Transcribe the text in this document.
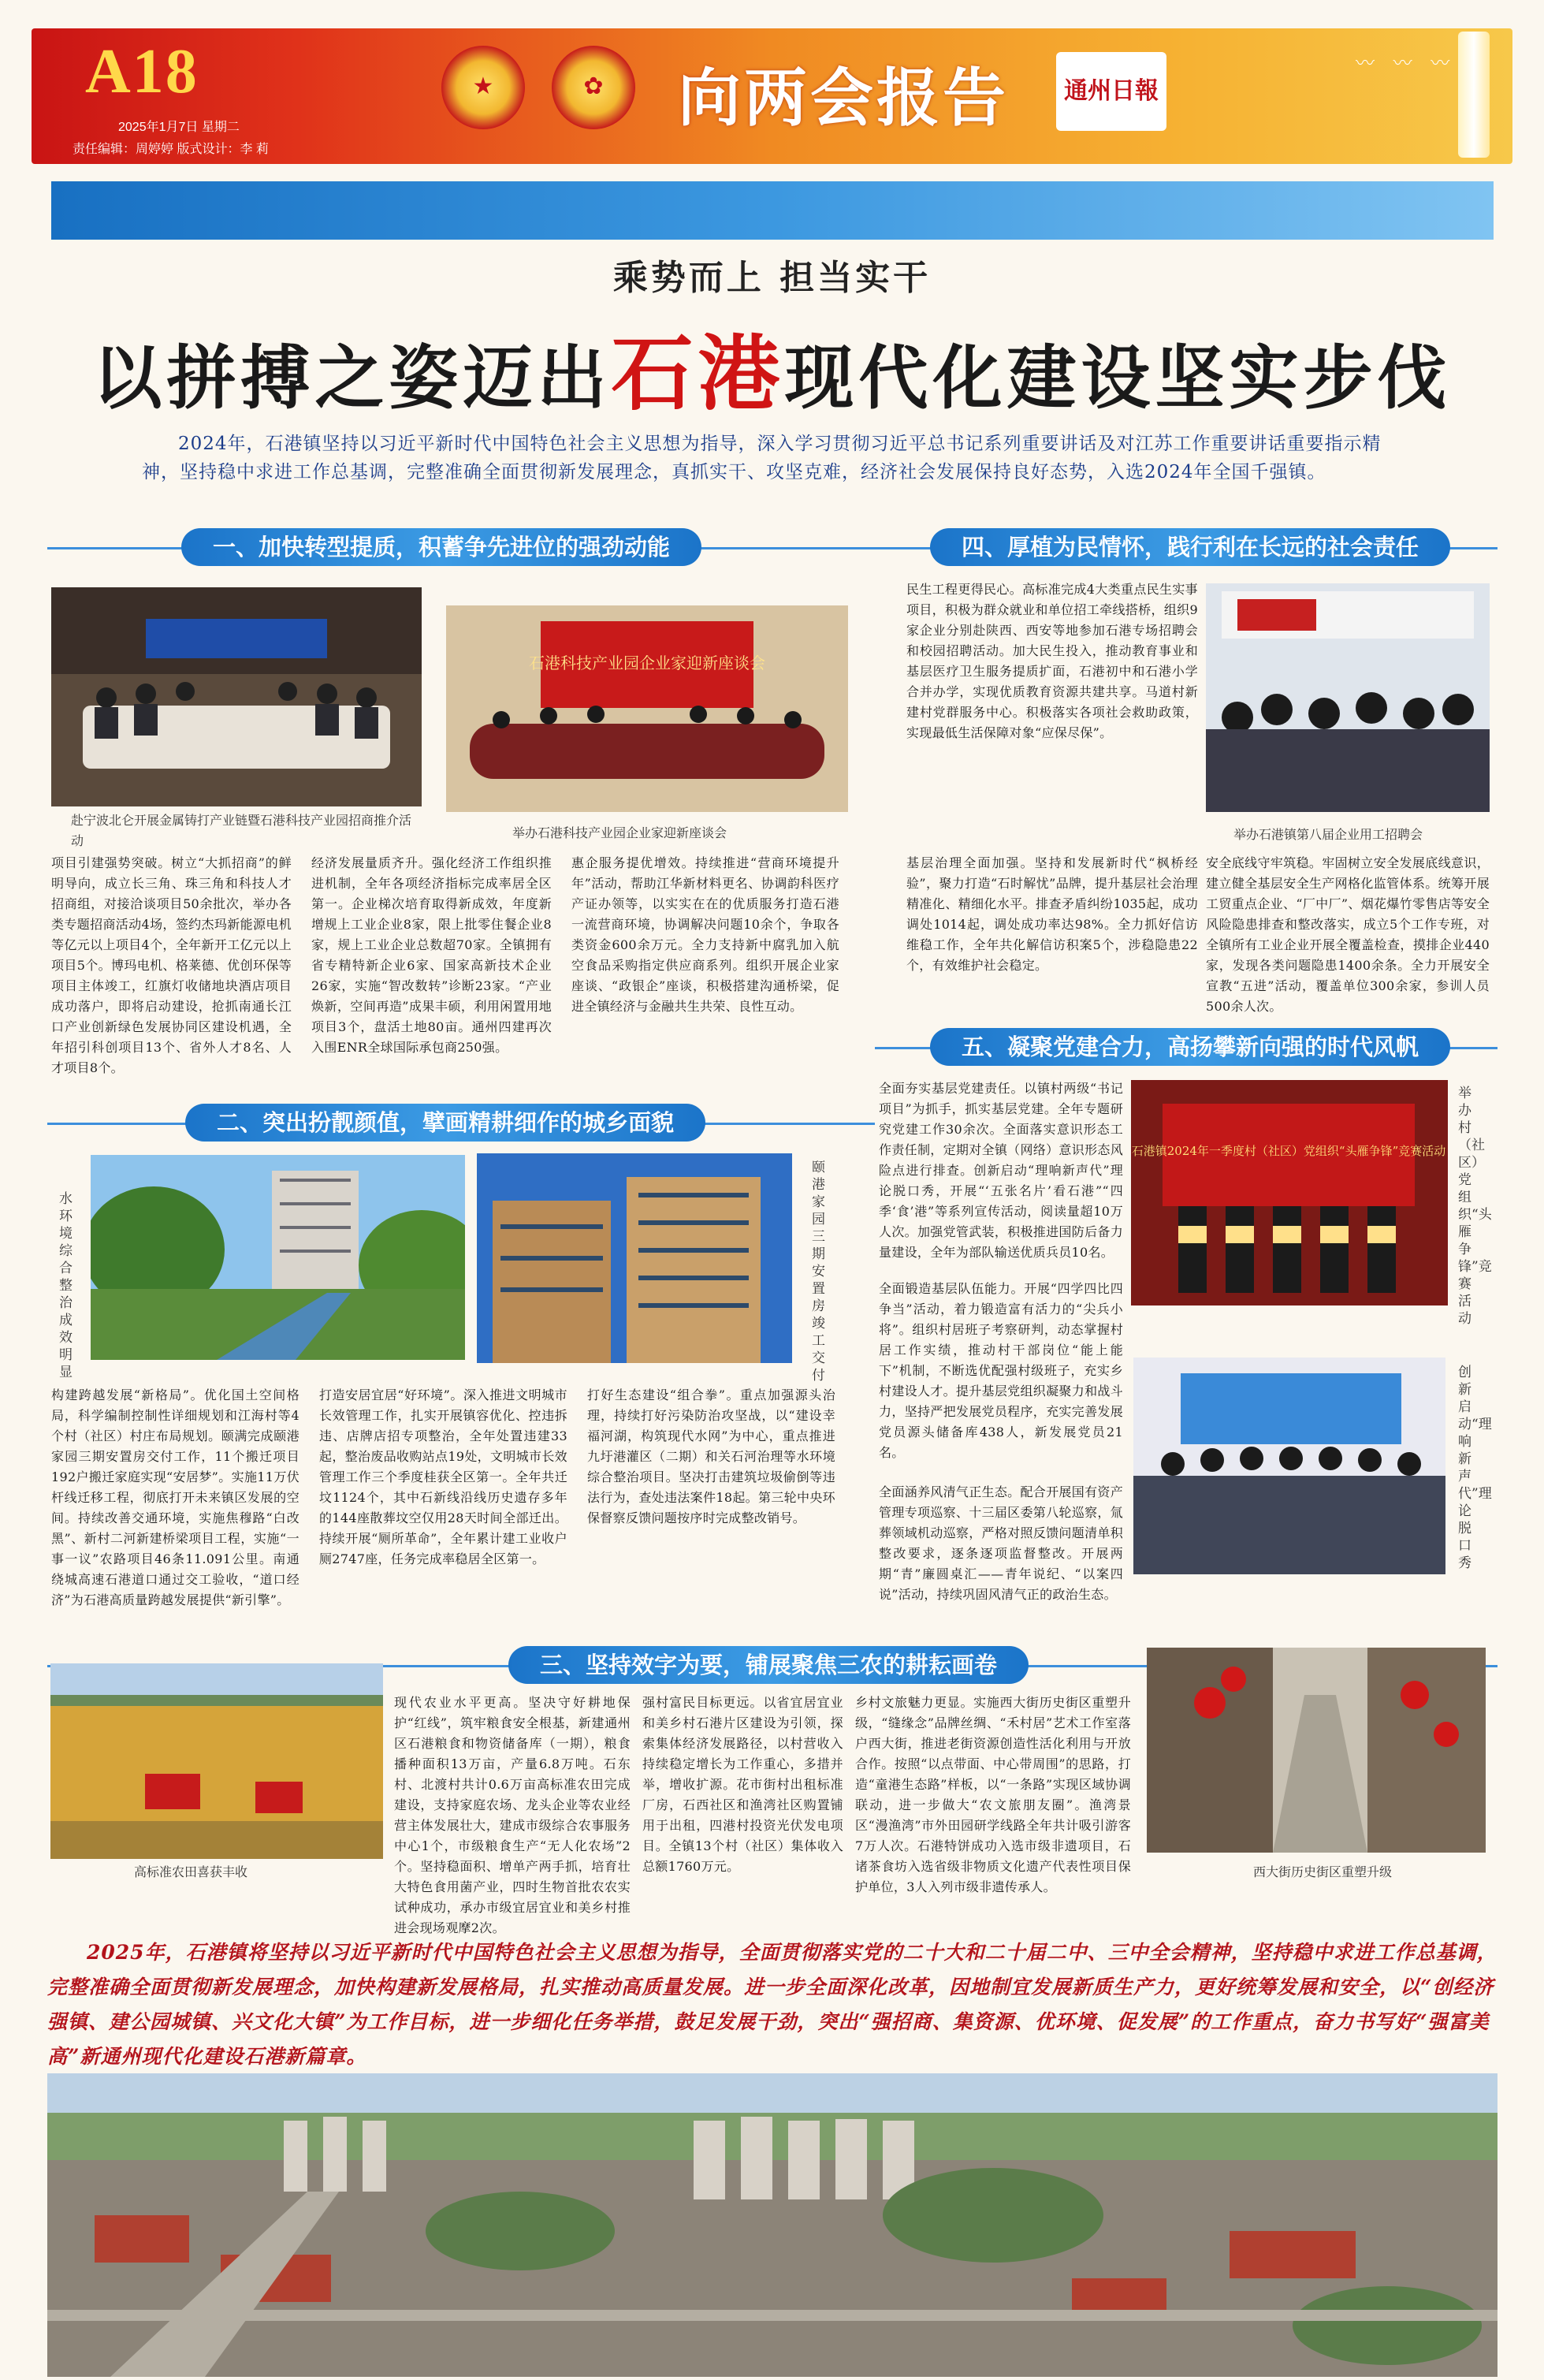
A18
2025年1月7日 星期二
责任编辑：周婷婷 版式设计：李 莉
★	✿	向两会报告	通州日報
〰 〰 〰
乘势而上 担当实干
以拼搏之姿迈出石港现代化建设坚实步伐
2024年，石港镇坚持以习近平新时代中国特色社会主义思想为指导，深入学习贯彻习近平总书记系列重要讲话及对江苏工作重要讲话重要指示精神，坚持稳中求进工作总基调，完整准确全面贯彻新发展理念，真抓实干、攻坚克难，经济社会发展保持良好态势，入选2024年全国千强镇。
一、加快转型提质，积蓄争先进位的强劲动能
赴宁波北仑开展金属铸打产业链暨石港科技产业园招商推介活动
石港科技产业园企业家迎新座谈会
举办石港科技产业园企业家迎新座谈会
项目引建强势突破。树立“大抓招商”的鲜明导向，成立长三角、珠三角和科技人才招商组，对接洽谈项目50余批次，举办各类专题招商活动4场，签约杰玛新能源电机等亿元以上项目4个，全年新开工亿元以上项目5个。博玛电机、格莱德、优创环保等项目主体竣工，红旗灯收储地块酒店项目成功落户，即将启动建设，抢抓南通长江口产业创新绿色发展协同区建设机遇，全年招引科创项目13个、省外人才8名、人才项目8个。
经济发展量质齐升。强化经济工作组织推进机制，全年各项经济指标完成率居全区第一。企业梯次培育取得新成效，年度新增规上工业企业8家，限上批零住餐企业8家，规上工业企业总数超70家。全镇拥有省专精特新企业6家、国家高新技术企业26家，实施“智改数转”诊断23家。“产业焕新，空间再造”成果丰硕，利用闲置用地项目3个，盘活土地80亩。通州四建再次入围ENR全球国际承包商250强。
惠企服务提优增效。持续推进“营商环境提升年”活动，帮助江华新材料更名、协调韵科医疗产证办领等，以实实在在的优质服务打造石港一流营商环境，协调解决问题10余个，争取各类资金600余万元。全力支持新中腐乳加入航空食品采购指定供应商系列。组织开展企业家座谈、“政银企”座谈，积极搭建沟通桥梁，促进全镇经济与金融共生共荣、良性互动。
二、突出扮靓颜值，擘画精耕细作的城乡面貌
水环境综合整治成效明显
颐港家园三期安置房竣工交付
构建跨越发展“新格局”。优化国土空间格局，科学编制控制性详细规划和江海村等4个村（社区）村庄布局规划。颐满完成颐港家园三期安置房交付工作，11个搬迁项目192户搬迁家庭实现“安居梦”。实施11万伏杆线迁移工程，彻底打开未来镇区发展的空间。持续改善交通环境，实施焦穆路“白改黑”、新村二河新建桥梁项目工程，实施“一事一议”农路项目46条11.091公里。南通绕城高速石港道口通过交工验收，“道口经济”为石港高质量跨越发展提供“新引擎”。
打造安居宜居“好环境”。深入推进文明城市长效管理工作，扎实开展镇容优化、控违拆违、店牌店招专项整治，全年处置违建33起，整治废品收购站点19处，文明城市长效管理工作三个季度桂获全区第一。全年共迁坟1124个，其中石新线沿线历史遗存多年的144座散葬坟空仅用28天时间全部迁出。持续开展“厕所革命”，全年累计建工业收户厕2747座，任务完成率稳居全区第一。
打好生态建设“组合拳”。重点加强源头治理，持续打好污染防治攻坚战，以“建设幸福河湖，构筑现代水网”为中心，重点推进九圩港灌区（二期）和关石河治理等水环境综合整治项目。坚决打击建筑垃圾偷倒等违法行为，查处违法案件18起。第三轮中央环保督察反馈问题按序时完成整改销号。
四、厚植为民情怀，践行利在长远的社会责任
民生工程更得民心。高标准完成4大类重点民生实事项目，积极为群众就业和单位招工牵线搭桥，组织9家企业分别赴陕西、西安等地参加石港专场招聘会和校园招聘活动。加大民生投入，推动教育事业和基层医疗卫生服务提质扩面，石港初中和石港小学合并办学，实现优质教育资源共建共享。马道村新建村党群服务中心。积极落实各项社会救助政策，实现最低生活保障对象“应保尽保”。
举办石港镇第八届企业用工招聘会
基层治理全面加强。坚持和发展新时代“枫桥经验”，聚力打造“石时解忧”品牌，提升基层社会治理精准化、精细化水平。排查矛盾纠纷1035起，成功调处1014起，调处成功率达98%。全力抓好信访维稳工作，全年共化解信访积案5个，涉稳隐患22个，有效维护社会稳定。
安全底线守牢筑稳。牢固树立安全发展底线意识，建立健全基层安全生产网格化监管体系。统筹开展工贸重点企业、“厂中厂”、烟花爆竹零售店等安全风险隐患排查和整改落实，成立5个工作专班，对全镇所有工业企业开展全覆盖检查，摸排企业440家，发现各类问题隐患1400余条。全力开展安全宣教“五进”活动，覆盖单位300余家，参训人员500余人次。
五、凝聚党建合力，高扬攀新向强的时代风帆
全面夯实基层党建责任。以镇村两级“书记项目”为抓手，抓实基层党建。全年专题研究党建工作30余次。全面落实意识形态工作责任制，定期对全镇（网络）意识形态风险点进行排查。创新启动“理响新声代”理论脱口秀，开展“‘五张名片’看石港”“四季‘食’港”等系列宣传活动，阅读量超10万人次。加强党管武装，积极推进国防后备力量建设，全年为部队输送优质兵员10名。
石港镇2024年一季度村（社区）党组织“头雁争锋”竞赛活动
举办村（社区）党组织“头雁争锋”竞赛活动
全面锻造基层队伍能力。开展“四学四比四争当”活动，着力锻造富有活力的“尖兵小将”。组织村居班子考察研判，动态掌握村居工作实绩，推动村干部岗位“能上能下”机制，不断选优配强村级班子，充实乡村建设人才。提升基层党组织凝聚力和战斗力，坚持严把发展党员程序，充实完善发展党员源头储备库438人，新发展党员21名。
创新启动“理响新声代”理论脱口秀
全面涵养风清气正生态。配合开展国有资产管理专项巡察、十三届区委第八轮巡察，氚葬领域机动巡察，严格对照反馈问题清单积整改要求，逐条逐项监督整改。开展两期“青”廉圆桌汇——青年说纪、“以案四说”活动，持续巩固风清气正的政治生态。
三、坚持效字为要，铺展聚焦三农的耕耘画卷
高标准农田喜获丰收
现代农业水平更高。坚决守好耕地保护“红线”，筑牢粮食安全根基，新建通州区石港粮食和物资储备库（一期），粮食播种面积13万亩，产量6.8万吨。石东村、北渡村共计0.6万亩高标准农田完成建设，支持家庭农场、龙头企业等农业经营主体发展壮大，建成市级综合农事服务中心1个，市级粮食生产“无人化农场”2个。坚持稳面积、增单产两手抓，培育壮大特色食用菌产业，四时生物首批农农实试种成功，承办市级宜居宜业和美乡村推进会现场观摩2次。
强村富民目标更远。以省宜居宜业和美乡村石港片区建设为引领，探索集体经济发展路径，以村营收入持续稳定增长为工作重心，多措并举，增收扩源。花市街村出租标准厂房，石西社区和渔湾社区购置铺用于出租，四港村投资光伏发电项目。全镇13个村（社区）集体收入总额1760万元。
乡村文旅魅力更显。实施西大街历史街区重塑升级，“缝缘念”品牌丝绸、“禾村居”艺术工作室落户西大街，推进老街资源创造性活化利用与开放合作。按照“以点带面、中心带周围”的思路，打造“童港生态路”样板，以“一条路”实现区域协调联动，进一步做大“农文旅朋友圈”。渔湾景区“漫渔湾”市外田园研学线路全年共计吸引游客7万人次。石港特饼成功入选市级非遗项目，石诸茶食坊入选省级非物质文化遗产代表性项目保护单位，3人入列市级非遗传承人。
西大街历史街区重塑升级
2025年，石港镇将坚持以习近平新时代中国特色社会主义思想为指导，全面贯彻落实党的二十大和二十届二中、三中全会精神，坚持稳中求进工作总基调，完整准确全面贯彻新发展理念，加快构建新发展格局，扎实推动高质量发展。进一步全面深化改革，因地制宜发展新质生产力，更好统筹发展和安全，以“创经济强镇、建公园城镇、兴文化大镇”为工作目标，进一步细化任务举措，鼓足发展干劲，突出“强招商、集资源、优环境、促发展”的工作重点，奋力书写好“强富美高”新通州现代化建设石港新篇章。
